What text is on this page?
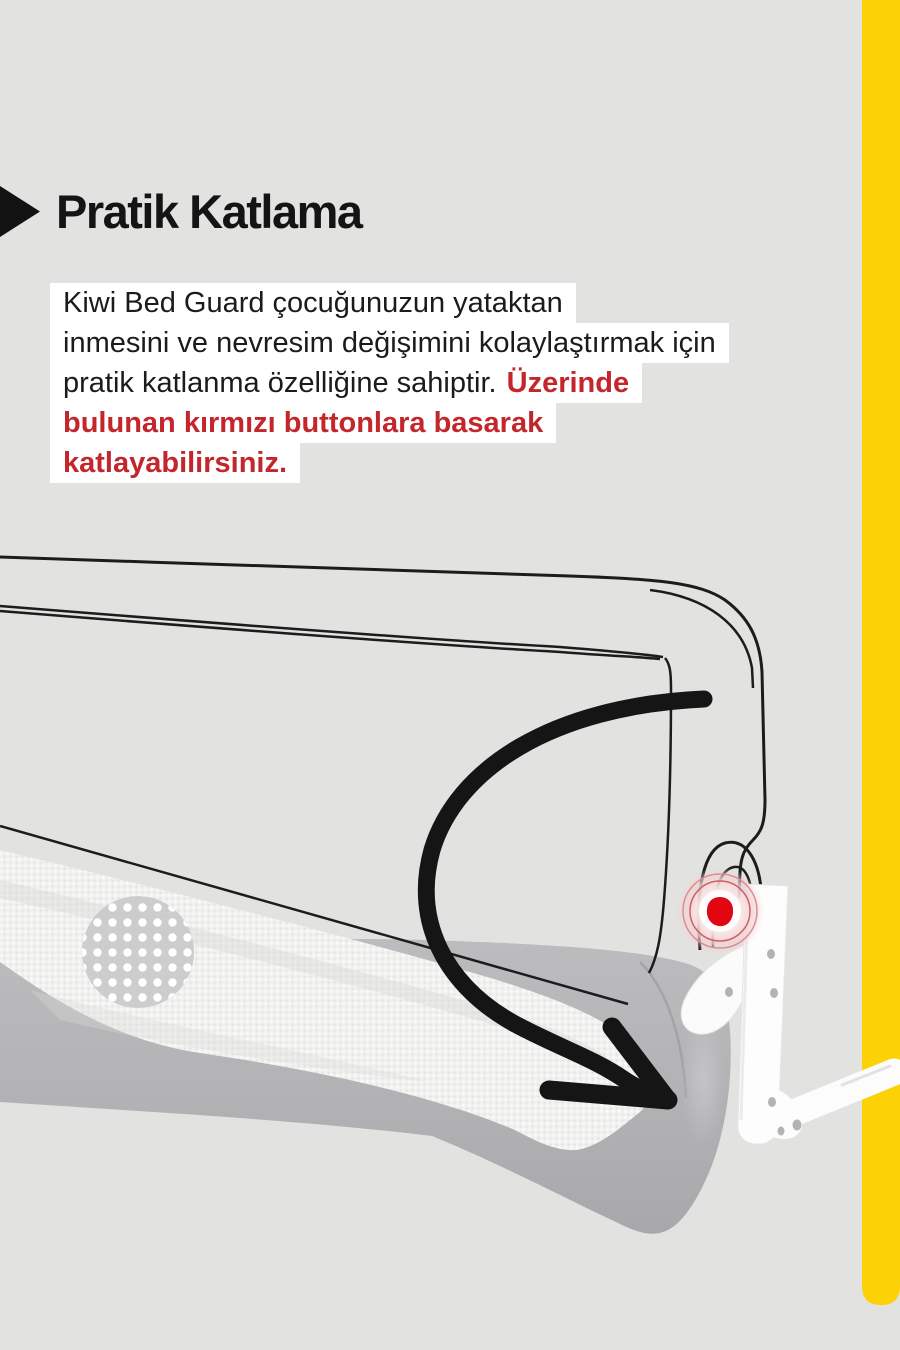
Pratik Katlama
Kiwi Bed Guard çocuğunuzun yataktan
inmesini ve nevresim değişimini kolaylaştırmak için
pratik katlanma özelliğine sahiptir. Üzerinde
bulunan kırmızı buttonlara basarak
katlayabilirsiniz.
